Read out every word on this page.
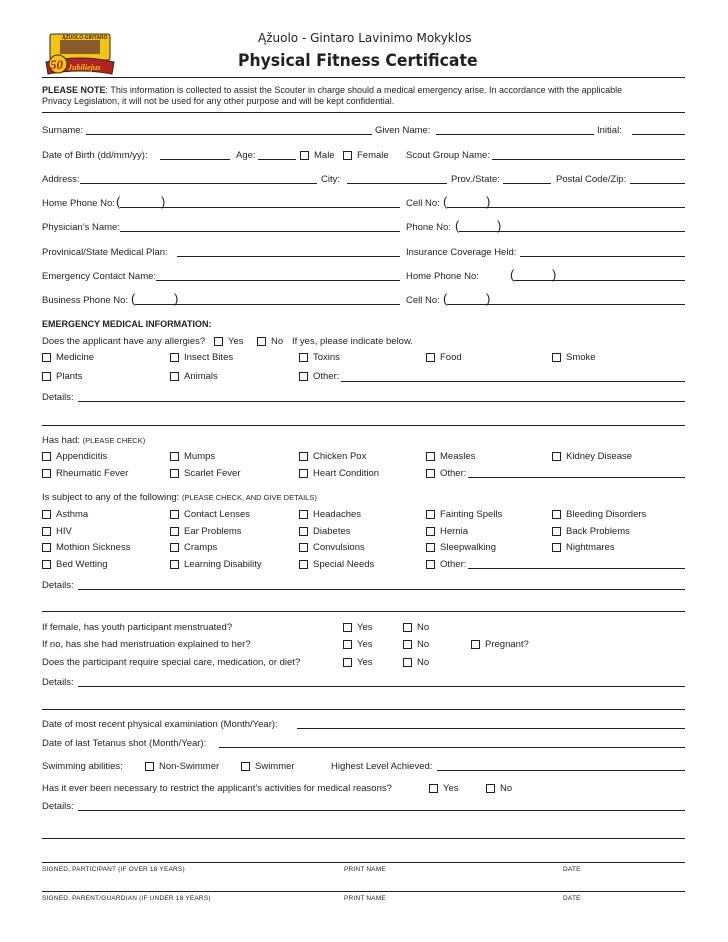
ĄŽUOLO-GINTARO
50 Jubiliejus
Ąžuolo - Gintaro Lavinimo Mokyklos
Physical Fitness Certificate
PLEASE NOTE: This information is collected to assist the Scouter in charge should a medical emergency arise. In accordance with the applicable
Privacy Legislation, it will not be used for any other purpose and will be kept confidential.
Surname:	Given Name:	Initial:
Date of Birth (dd/mm/yy):	Age:	Male Female Scout Group Name:
Address:	City:	Prov./State:	Postal Code/Zip:
Home Phone No: (	)	Cell No: (	)
Physician’s Name:	Phone No: (	)
Provinical/State Medical Plan:	Insurance Coverage Held:
Emergency Contact Name:	Home Phone No: (	)
Business Phone No: (	)	Cell No: (	)
EMERGENCY MEDICAL INFORMATION:
Does the applicant have any allergies? Yes	No If yes, please indicate below.
Medicine	Insect Bites	Toxins	Food	Smoke
Plants	Animals	Other:
Details:
Has had: (PLEASE CHECK)
Appendicitis	Mumps	Chicken Pox	Measles	Kidney Disease
Rheumatic Fever	Scarlet Fever	Heart Condition	Other:
Is subject to any of the following: (PLEASE CHECK, AND GIVE DETAILS)
Asthma	Contact Lenses	Headaches	Fainting Spells	Bleeding Disorders
HIV	Ear Problems	Diabetes	Hernia	Back Problems
Mothion Sickness	Cramps	Convulsions	Sleepwalking	Nightmares
Bed Wetting	Learning Disability	Special Needs	Other:
Details:
If female, has youth participant menstruated?	Yes	No
If no, has she had menstruation explained to her?	Yes	No	Pregnant?
Does the participant require special care, medication, or diet?	Yes	No
Details:
Date of most recent physical examiniation (Month/Year):
Date of last Tetanus shot (Month/Year):
Swimming abilities:	Non-Swimmer	Swimmer	Highest Level Achieved:
Has it ever been necessary to restrict the applicant’s activities for medical reasons?	Yes	No
Details:
SIGNED, PARTICIPANT (IF OVER 18 YEARS)	PRINT NAME	DATE
SIGNED, PARENT/GUARDIAN (IF UNDER 18 YEARS)	PRINT NAME	DATE
